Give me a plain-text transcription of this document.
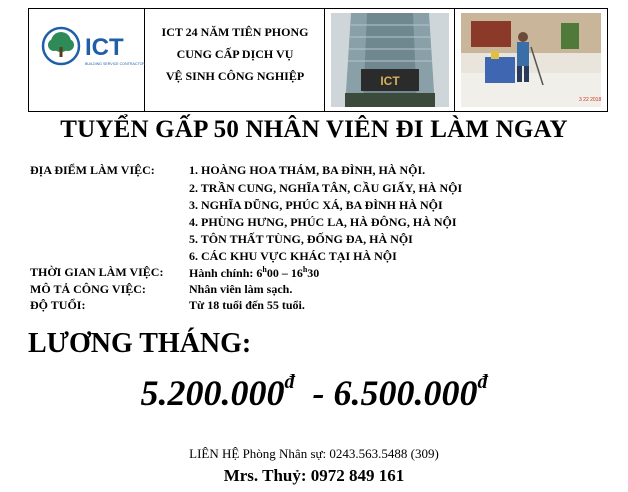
ICT
BUILDING SERVICE CONTRACTOR
ICT 24 NĂM TIÊN PHONG
CUNG CẤP DỊCH VỤ
VỆ SINH CÔNG NGHIỆP	ICT
3 22 2018
TUYỂN GẤP 50 NHÂN VIÊN ĐI LÀM NGAY
ĐỊA ĐIỂM LÀM VIỆC:	1. HOÀNG HOA THÁM, BA ĐÌNH, HÀ NỘI.
2. TRẦN CUNG, NGHĨA TÂN, CẦU GIẤY, HÀ NỘI
3. NGHĨA DŨNG, PHÚC XÁ, BA ĐÌNH HÀ NỘI
4. PHÙNG HƯNG, PHÚC LA, HÀ ĐÔNG, HÀ NỘI
5. TÔN THẤT TÙNG, ĐỐNG ĐA, HÀ NỘI
6. CÁC KHU VỰC KHÁC TẠI HÀ NỘI
THỜI GIAN LÀM VIỆC: Hành chính: 6$^h$00 – 16$^h$30
MÔ TẢ CÔNG VIỆC:	Nhân viên làm sạch.
ĐỘ TUỔI:	Từ 18 tuổi đến 55 tuổi.
LƯƠNG THÁNG:
$5.200.000^đ - 6.500.000^đ$
LIÊN HỆ Phòng Nhân sự: 0243.563.5488 (309)
Mrs. Thuỷ: 0972 849 161
